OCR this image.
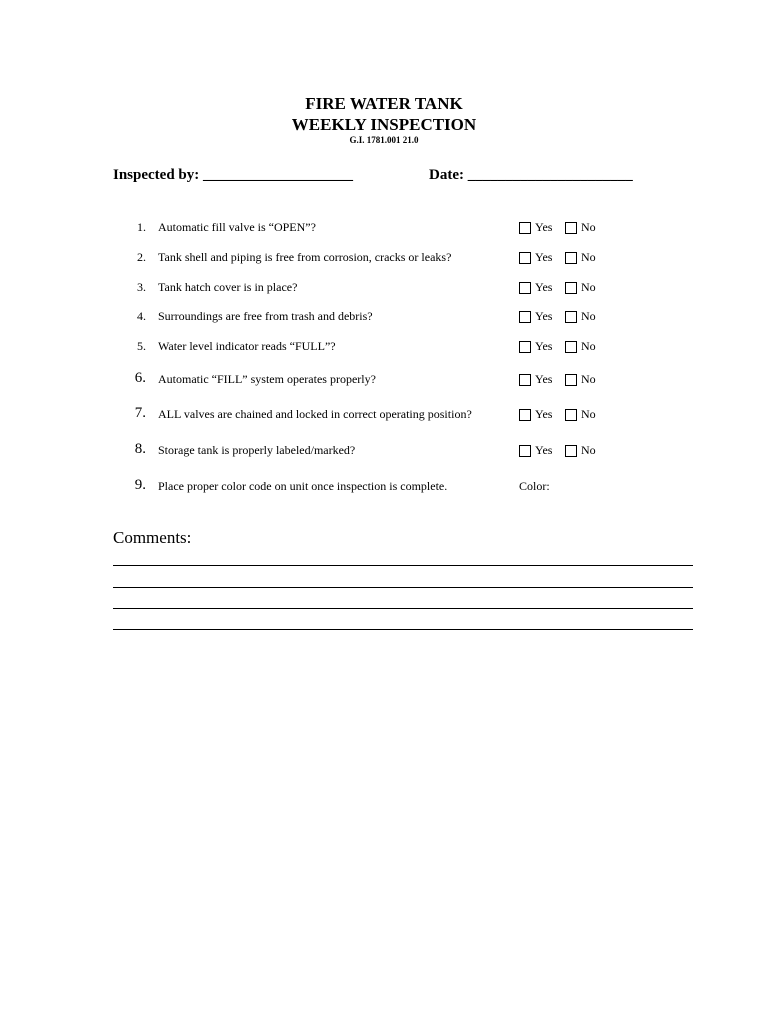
FIRE WATER TANK
WEEKLY INSPECTION
G.I. 1781.001 21.0
Inspected by: ____________________	Date: ______________________
1. Automatic fill valve is “OPEN”?	Yes No
2. Tank shell and piping is free from corrosion, cracks or leaks?	Yes No
3. Tank hatch cover is in place?	Yes No
4. Surroundings are free from trash and debris?	Yes No
5. Water level indicator reads “FULL”?	Yes No
6. Automatic “FILL” system operates properly?	Yes No
7. ALL valves are chained and locked in correct operating position?	Yes No
8. Storage tank is properly labeled/marked?	Yes No
9. Place proper color code on unit once inspection is complete.	Color:
Comments:
